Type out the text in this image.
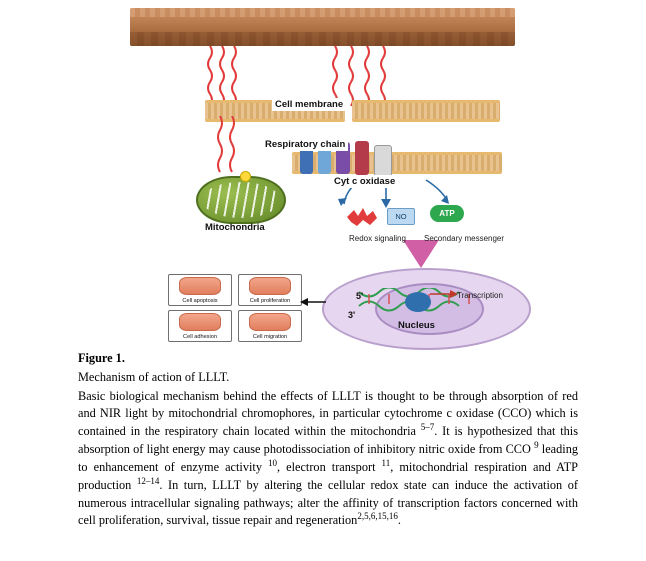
NO	ATP
Cell apoptosis	Cell proliferation
Cell adhesion	Cell migration
Cell membrane
Respiratory chain
Cyt c oxidase
Mitochondria
Redox signaling Secondary messenger
Transcription
Nucleus
5'
3'
Figure 1.
Mechanism of action of LLLT.
Basic biological mechanism behind the effects of LLLT is thought to be through absorption of red and NIR light by mitochondrial chromophores, in particular cytochrome c oxidase (CCO) which is contained in the respiratory chain located within the mitochondria $^{5-7}$. It is hypothesized that this absorption of light energy may cause photodissociation of inhibitory nitric oxide from CCO $^9$ leading to enhancement of enzyme activity $^{10}$, electron transport $^{11}$, mitochondrial respiration and ATP production $^{12-14}$. In turn, LLLT by altering the cellular redox state can induce the activation of numerous intracellular signaling pathways; alter the affinity of transcription factors concerned with cell proliferation, survival, tissue repair and regeneration$^{2,5,6,15,16}$.
